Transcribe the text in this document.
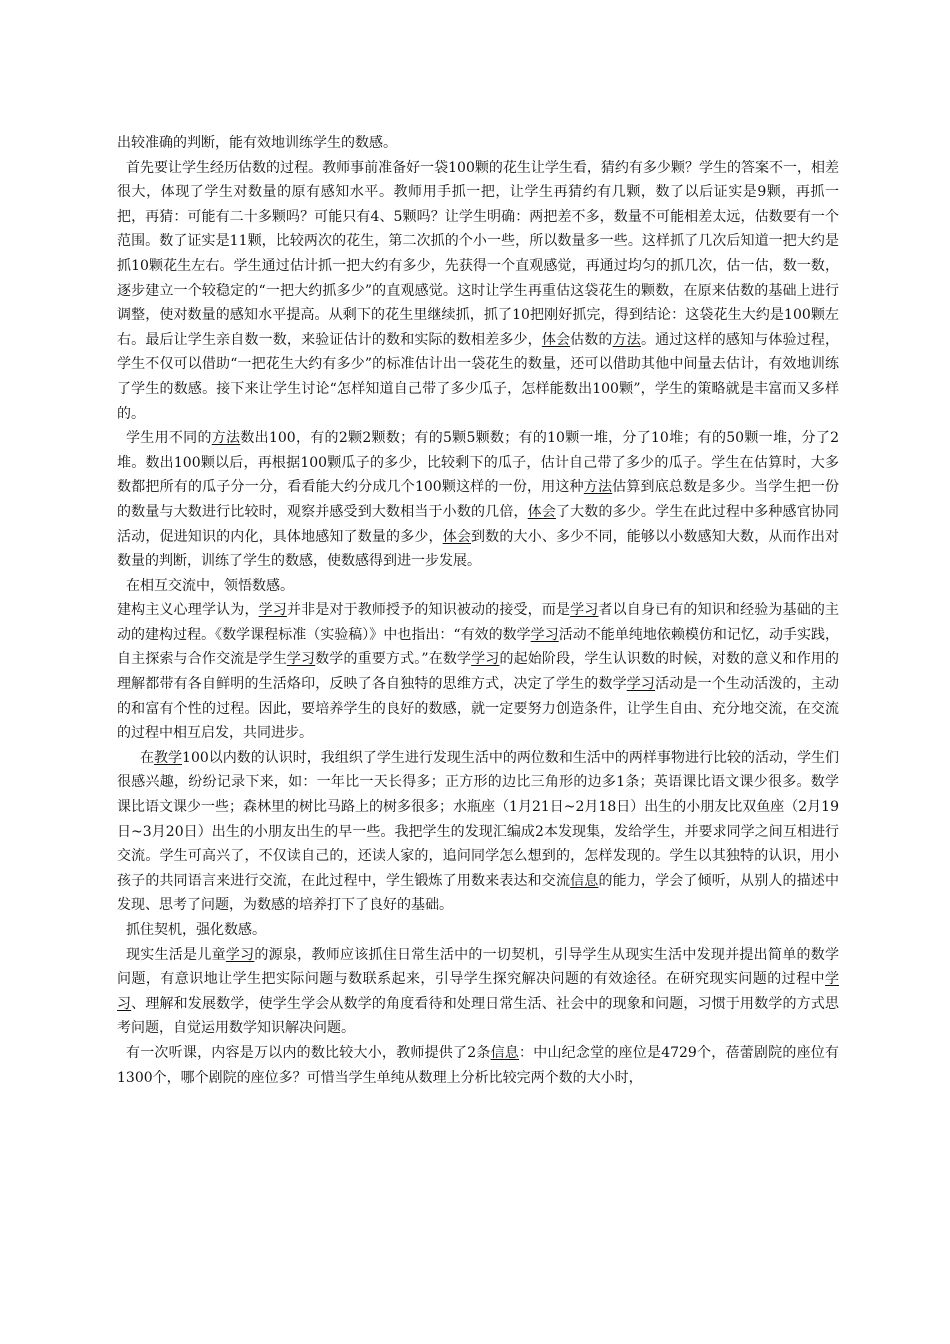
出较准确的判断，能有效地训练学生的数感。

首先要让学生经历估数的过程。教师事前准备好一袋100颗的花生让学生看，猜约有多少颗？学生的答案不一，相差很大，体现了学生对数量的原有感知水平。教师用手抓一把，让学生再猜约有几颗，数了以后证实是9颗，再抓一把，再猜：可能有二十多颗吗？可能只有4、5颗吗？让学生明确：两把差不多，数量不可能相差太远，估数要有一个范围。数了证实是11颗，比较两次的花生，第二次抓的个小一些，所以数量多一些。这样抓了几次后知道一把大约是抓10颗花生左右。学生通过估计抓一把大约有多少，先获得一个直观感觉，再通过均匀的抓几次，估一估，数一数，逐步建立一个较稳定的“一把大约抓多少”的直观感觉。这时让学生再重估这袋花生的颗数，在原来估数的基础上进行调整，使对数量的感知水平提高。从剩下的花生里继续抓，抓了10把刚好抓完，得到结论：这袋花生大约是100颗左右。最后让学生亲自数一数，来验证估计的数和实际的数相差多少，体会估数的方法。通过这样的感知与体验过程，学生不仅可以借助“一把花生大约有多少”的标准估计出一袋花生的数量，还可以借助其他中间量去估计，有效地训练了学生的数感。接下来让学生讨论“怎样知道自己带了多少瓜子，怎样能数出100颗”，学生的策略就是丰富而又多样的。

学生用不同的方法数出100，有的2颗2颗数；有的5颗5颗数；有的10颗一堆，分了10堆；有的50颗一堆，分了2堆。数出100颗以后，再根据100颗瓜子的多少，比较剩下的瓜子，估计自己带了多少的瓜子。学生在估算时，大多数都把所有的瓜子分一分，看看能大约分成几个100颗这样的一份，用这种方法估算到底总数是多少。当学生把一份的数量与大数进行比较时，观察并感受到大数相当于小数的几倍，体会了大数的多少。学生在此过程中多种感官协同活动，促进知识的内化，具体地感知了数量的多少，体会到数的大小、多少不同，能够以小数感知大数，从而作出对数量的判断，训练了学生的数感，使数感得到进一步发展。

在相互交流中，领悟数感。

建构主义心理学认为，学习并非是对于教师授予的知识被动的接受，而是学习者以自身已有的知识和经验为基础的主动的建构过程。《数学课程标准（实验稿）》中也指出：“有效的数学学习活动不能单纯地依赖模仿和记忆，动手实践，自主探索与合作交流是学生学习数学的重要方式。”在数学学习的起始阶段，学生认识数的时候，对数的意义和作用的理解都带有各自鲜明的生活烙印，反映了各自独特的思维方式，决定了学生的数学学习活动是一个生动活泼的，主动的和富有个性的过程。因此，要培养学生的良好的数感，就一定要努力创造条件，让学生自由、充分地交流，在交流的过程中相互启发，共同进步。

在教学100以内数的认识时，我组织了学生进行发现生活中的两位数和生活中的两样事物进行比较的活动，学生们很感兴趣，纷纷记录下来，如：一年比一天长得多；正方形的边比三角形的边多1条；英语课比语文课少很多。数学课比语文课少一些；森林里的树比马路上的树多很多；水瓶座（1月21日~2月18日）出生的小朋友比双鱼座（2月19日~3月20日）出生的小朋友出生的早一些。我把学生的发现汇编成2本发现集，发给学生，并要求同学之间互相进行交流。学生可高兴了，不仅读自己的，还读人家的，追问同学怎么想到的，怎样发现的。学生以其独特的认识，用小孩子的共同语言来进行交流，在此过程中，学生锻炼了用数来表达和交流信息的能力，学会了倾听，从别人的描述中发现、思考了问题，为数感的培养打下了良好的基础。

抓住契机，强化数感。

现实生活是儿童学习的源泉，教师应该抓住日常生活中的一切契机，引导学生从现实生活中发现并提出简单的数学问题，有意识地让学生把实际问题与数联系起来，引导学生探究解决问题的有效途径。在研究现实问题的过程中学习、理解和发展数学，使学生学会从数学的角度看待和处理日常生活、社会中的现象和问题，习惯于用数学的方式思考问题，自觉运用数学知识解决问题。

有一次听课，内容是万以内的数比较大小，教师提供了2条信息：中山纪念堂的座位是4729个，蓓蕾剧院的座位有1300个，哪个剧院的座位多？可惜当学生单纯从数理上分析比较完两个数的大小时，
